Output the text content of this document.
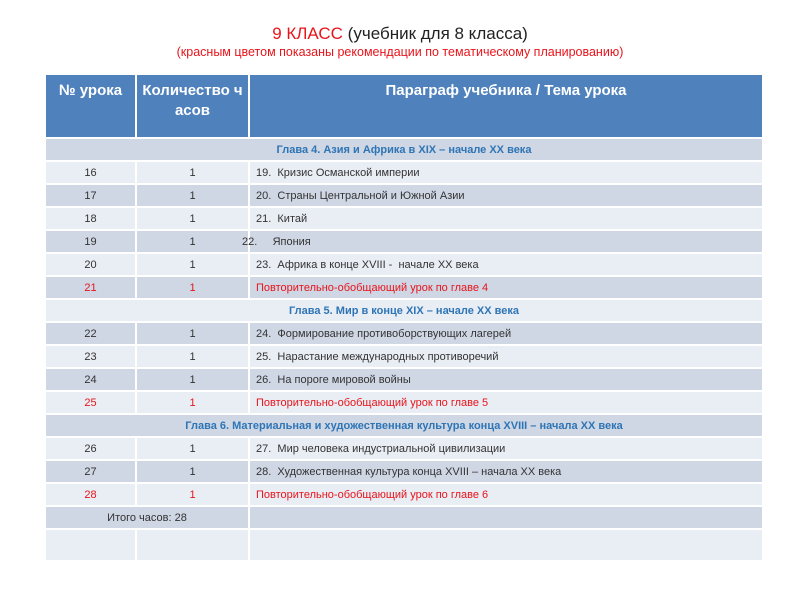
9 КЛАСС (учебник для 8 класса)
(красным цветом показаны рекомендации по тематическому планированию)
№ урока	Количество часов	Параграф учебника / Тема урока
Глава 4. Азия и Африка в XIX – начале XX века		
16	1	19.  Кризис Османской империи
17	1	20.  Страны Центральной и Южной Азии
18	1	21.  Китай
19	1	22.     Япония
20	1	23.  Африка в конце XVIII -  начале XX века
21	1	Повторительно-обобщающий урок по главе 4
Глава 5. Мир в конце XIX – начале XX века		
22	1	24.  Формирование противоборствующих лагерей
23	1	25.  Нарастание международных противоречий
24	1	26.  На пороге мировой войны
25	1	Повторительно-обобщающий урок по главе 5
Глава 6. Материальная и художественная культура конца XVIII – начала XX века		
26	1	27.  Мир человека индустриальной цивилизации
27	1	28.  Художественная культура конца XVIII – начала XX века
28	1	Повторительно-обобщающий урок по главе 6
Итого часов: 28		
